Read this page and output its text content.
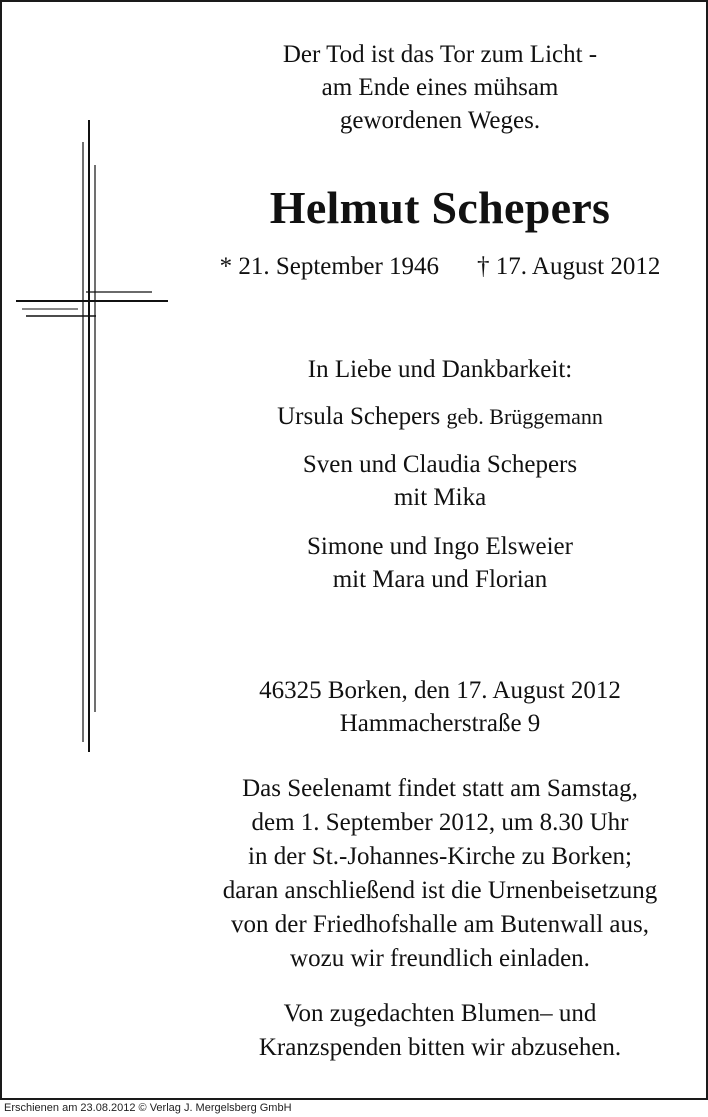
Der Tod ist das Tor zum Licht -
am Ende eines mühsam
gewordenen Weges.
Helmut Schepers
* 21. September 1946 † 17. August 2012
In Liebe und Dankbarkeit:
Ursula Schepers geb. Brüggemann
Sven und Claudia Schepers
mit Mika
Simone und Ingo Elsweier
mit Mara und Florian
46325 Borken, den 17. August 2012
Hammacherstraße 9
Das Seelenamt findet statt am Samstag,
dem 1. September 2012, um 8.30 Uhr
in der St.-Johannes-Kirche zu Borken;
daran anschließend ist die Urnenbeisetzung
von der Friedhofshalle am Butenwall aus,
wozu wir freundlich einladen.
Von zugedachten Blumen– und
Kranzspenden bitten wir abzusehen.
Erschienen am 23.08.2012 © Verlag J. Mergelsberg GmbH
